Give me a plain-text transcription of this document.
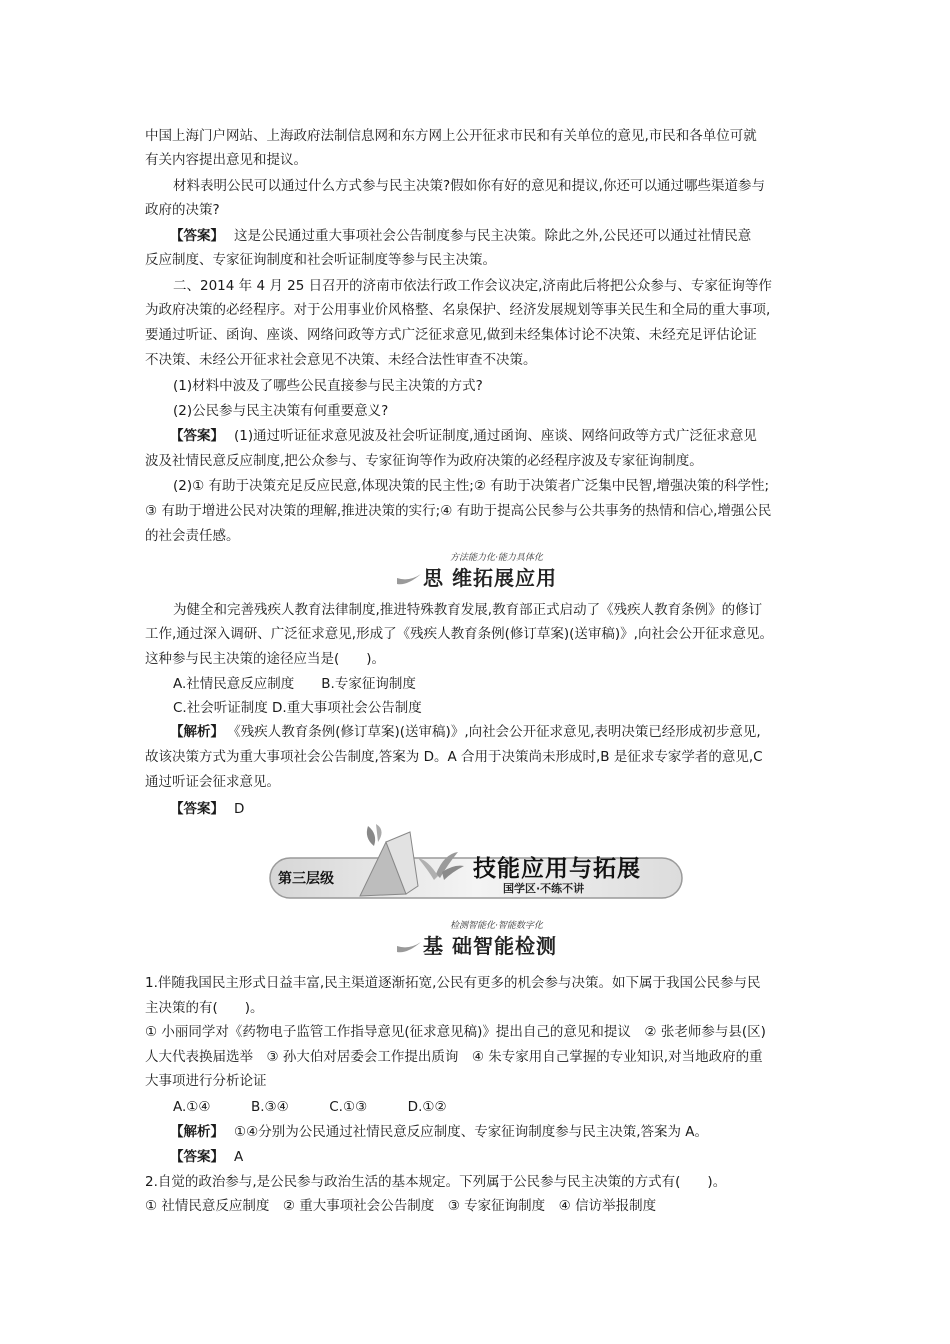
中国上海门户网站、上海政府法制信息网和东方网上公开征求市民和有关单位的意见,市民和各单位可就
有关内容提出意见和提议。
材料表明公民可以通过什么方式参与民主决策?假如你有好的意见和提议,你还可以通过哪些渠道参与
政府的决策?
【答案】 这是公民通过重大事项社会公告制度参与民主决策。除此之外,公民还可以通过社情民意
反应制度、专家征询制度和社会听证制度等参与民主决策。
二、2014 年 4 月 25 日召开的济南市依法行政工作会议决定,济南此后将把公众参与、专家征询等作
为政府决策的必经程序。对于公用事业价风格整、名泉保护、经济发展规划等事关民生和全局的重大事项,
要通过听证、函询、座谈、网络问政等方式广泛征求意见,做到未经集体讨论不决策、未经充足评估论证
不决策、未经公开征求社会意见不决策、未经合法性审查不决策。
(1)材料中波及了哪些公民直接参与民主决策的方式?
(2)公民参与民主决策有何重要意义?
【答案】 (1)通过听证征求意见波及社会听证制度,通过函询、座谈、网络问政等方式广泛征求意见
波及社情民意反应制度,把公众参与、专家征询等作为政府决策的必经程序波及专家征询制度。
(2)① 有助于决策充足反应民意,体现决策的民主性;② 有助于决策者广泛集中民智,增强决策的科学性;
③ 有助于增进公民对决策的理解,推进决策的实行;④ 有助于提高公民参与公共事务的热情和信心,增强公民
的社会责任感。
方法能力化·能力具体化
思 维拓展应用
为健全和完善残疾人教育法律制度,推进特殊教育发展,教育部正式启动了《残疾人教育条例》的修订
工作,通过深入调研、广泛征求意见,形成了《残疾人教育条例(修订草案)(送审稿)》,向社会公开征求意见。
这种参与民主决策的途径应当是(　　)。
A.社情民意反应制度　　B.专家征询制度
C.社会听证制度 D.重大事项社会公告制度
【解析】 《残疾人教育条例(修订草案)(送审稿)》,向社会公开征求意见,表明决策已经形成初步意见,
故该决策方式为重大事项社会公告制度,答案为 D。A 合用于决策尚未形成时,B 是征求专家学者的意见,C
通过听证会征求意见。
【答案】 D
第三层级	技能应用与拓展
国学区·不练不讲
检测智能化·智能数字化
基 础智能检测
1.伴随我国民主形式日益丰富,民主渠道逐渐拓宽,公民有更多的机会参与决策。如下属于我国公民参与民
主决策的有(　　)。
① 小丽同学对《药物电子监管工作指导意见(征求意见稿)》提出自己的意见和提议　② 张老师参与县(区)
人大代表换届选举　③ 孙大伯对居委会工作提出质询　④ 朱专家用自己掌握的专业知识,对当地政府的重
大事项进行分析论证
A.①④　　　B.③④　　　C.①③　　　D.①②
【解析】 ①④分别为公民通过社情民意反应制度、专家征询制度参与民主决策,答案为 A。
【答案】 A
2.自觉的政治参与,是公民参与政治生活的基本规定。下列属于公民参与民主决策的方式有(　　)。
① 社情民意反应制度　② 重大事项社会公告制度　③ 专家征询制度　④ 信访举报制度
